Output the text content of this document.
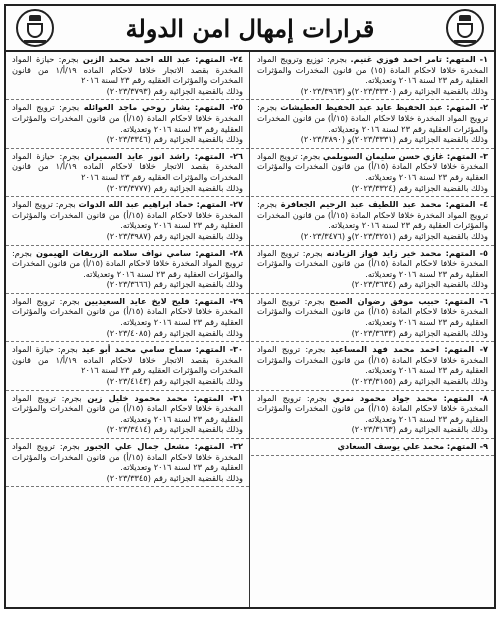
قرارات إمهال امن الدولة

١- المتهم: تامر احمد فوزي غنيم. بجرم: توزيع وترويج المواد المخدرة خلافا لاحكام المادة (١٥) من قانون المخدرات والمؤثرات العقلية رقم ٢٣ لسنة ٢٠١٦ وتعديلاته.

وذلك بالقضية الجزائية رقم (٢٠٢٣/٣٣٣٠)و (٢٠٢٣/٣٩٦٣)

٢- المتهم: عبد الحفيظ عايد عبد الحفيظ العطيشات بجرم: ترويج المواد المخدرة خلافا لاحكام المادة (١٥/أ) من قانون المخدرات والمؤثرات العقلية رقم ٢٣ لسنة ٢٠١٦ وتعديلاته.

وذلك بالقضية الجزائية رقم (٢٠٢٣/٣٣٣١)و (٢٠٢٣/٣٨٩٠)

٣- المتهم: غازي حسن سليمان السويلمي بجرم: ترويج المواد المخدرة خلافا لاحكام المادة (١٥/أ) من قانون المخدرات والمؤثرات العقلية رقم ٢٣ لسنة ٢٠١٦ وتعديلاته.

وذلك بالقضية الجزائية رقم (٢٠٢٣/٣٣٢٤)

٤- المتهم: محمد عبد اللطيف عبد الرحيم الجعافرة بجرم: ترويج المواد المخدرة خلافا لاحكام المادة (١٥/أ) من قانون المخدرات والمؤثرات العقلية رقم ٢٣ لسنة ٢٠١٦ وتعديلاته.

وذلك بالقضية الجزائية رقم (٢٠٢٣/٣٢٥١)و (٢٠٢٣/٣٤٧٦)

٥- المتهم: محمد خير زايد فواز الزيادنه بجرم: ترويج المواد المخدرة خلافا لاحكام المادة (١٥/أ) من قانون المخدرات والمؤثرات العقلية رقم ٢٣ لسنة ٢٠١٦ وتعديلاته.

وذلك بالقضية الجزائية رقم (٢٠٢٣/٣٦٣٤)

٦- المتهم: حبيب موفق رضوان الصبح بجرم: ترويج المواد المخدرة خلافا لاحكام المادة (١٥/أ) من قانون المخدرات والمؤثرات العقلية رقم ٢٣ لسنة ٢٠١٦ وتعديلاته.

وذلك بالقضية الجزائية رقم (٢٠٢٣/٣٦٣٣)

٧- المتهم: احمد محمد فهد المساعيد بجرم: ترويج المواد المخدرة خلافا لاحكام المادة (١٥/أ) من قانون المخدرات والمؤثرات العقلية رقم ٢٣ لسنة ٢٠١٦ وتعديلاته.

وذلك بالقضية الجزائية رقم (٢٠٢٣/٣١٥٥)

٨- المتهم: محمد جواد محمود نمري بجرم: ترويج المواد المخدرة خلافا لاحكام المادة (١٥/أ) من قانون المخدرات والمؤثرات العقلية رقم ٢٣ لسنة ٢٠١٦ وتعديلاته.

وذلك بالقضية الجزائية رقم (٢٠٢٣/٣١٦٣)

٩- المتهم: محمد علي يوسف السعادي

٢٤- المتهم: عبد الله احمد محمد الزين بجرم: حيازة المواد المخدرة بقصد الاتجار خلافا لاحكام الماده ١٩/أ/١ من قانون المخدرات والمؤثرات العقليه رقم ٢٣ لسنة ٢٠١٦

وذلك بالقضية الجزائية رقم (٢٠٢٣/٣٧٩٣)

٢٥- المتهم: يشار روحي ماجد العوائله بجرم: ترويج المواد المخدرة خلافا لاحكام المادة (١٥/أ) من قانون المخدرات والمؤثرات العقلية رقم ٢٣ لسنة ٢٠١٦ وتعديلاته.

وذلك بالقضية الجزائية رقم (٢٠٢٣/٣٣٤٦)

٢٦- المتهم: راشد انور عايد السميران بجرم: حيازة المواد المخدرة بقصد الاتجار خلافا لاحكام الماده ١٩/أ/١ من قانون المخدرات والمؤثرات العقليه رقم ٢٣ لسنة ٢٠١٦

وذلك بالقضية الجزائية رقم (٢٠٢٣/٣٧٧٧)

٢٧- المتهم: حماد ابراهيم عبد الله الدوات بجرم: ترويج المواد المخدرة خلافا لاحكام المادة (١٥/أ) من قانون المخدرات والمؤثرات العقلية رقم ٢٣ لسنة ٢٠١٦ وتعديلاته.

وذلك بالقضية الجزائية رقم (٢٠٢٣/٣٩٨٧)

٢٨- المتهم: سامي نواف سلامه الزريقات الهيمون بجرم: ترويج المواد المخدرة خلافا لاحكام المادة (١٥/أ) من قانون المخدرات والمؤثرات العقلية رقم ٢٣ لسنة ٢٠١٦ وتعديلاته.

وذلك بالقضية الجزائية رقم (٢٠٢٣/٣٦٦٦)

٢٩- المتهم: فليح لايخ عايد السعيديين بجرم: ترويج المواد المخدرة خلافا لاحكام المادة (١٥/أ) من قانون المخدرات والمؤثرات العقلية رقم ٢٣ لسنة ٢٠١٦ وتعديلاته.

وذلك بالقضية الجزائية رقم (٢٠٢٣/٤٠٨٥)

٣٠- المتهم: سماح سامي محمد أبو عيد بجرم: حيازة المواد المخدرة بقصد الاتجار خلافا لاحكام الماده ١٩/أ/١ من قانون المخدرات والمؤثرات العقليه رقم ٢٣ لسنة ٢٠١٦

وذلك بالقضية الجزائية رقم (٢٠٢٣/٤١٤٣)

٣١- المتهم: محمد محمود خليل زين بجرم: ترويج المواد المخدرة خلافا لاحكام المادة (١٥/أ) من قانون المخدرات والمؤثرات العقلية رقم ٢٣ لسنة ٢٠١٦ وتعديلاته.

وذلك بالقضية الجزائية رقم (٢٠٢٣/٣٤١٤)

٣٢- المتهم: مشعل جمال علي الجبور بجرم: ترويج المواد المخدرة خلافا لاحكام المادة (١٥/أ) من قانون المخدرات والمؤثرات العقلية رقم ٢٣ لسنة ٢٠١٦ وتعديلاته.

وذلك بالقضية الجزائية رقم (٢٠٢٣/٣٣٤٥)
